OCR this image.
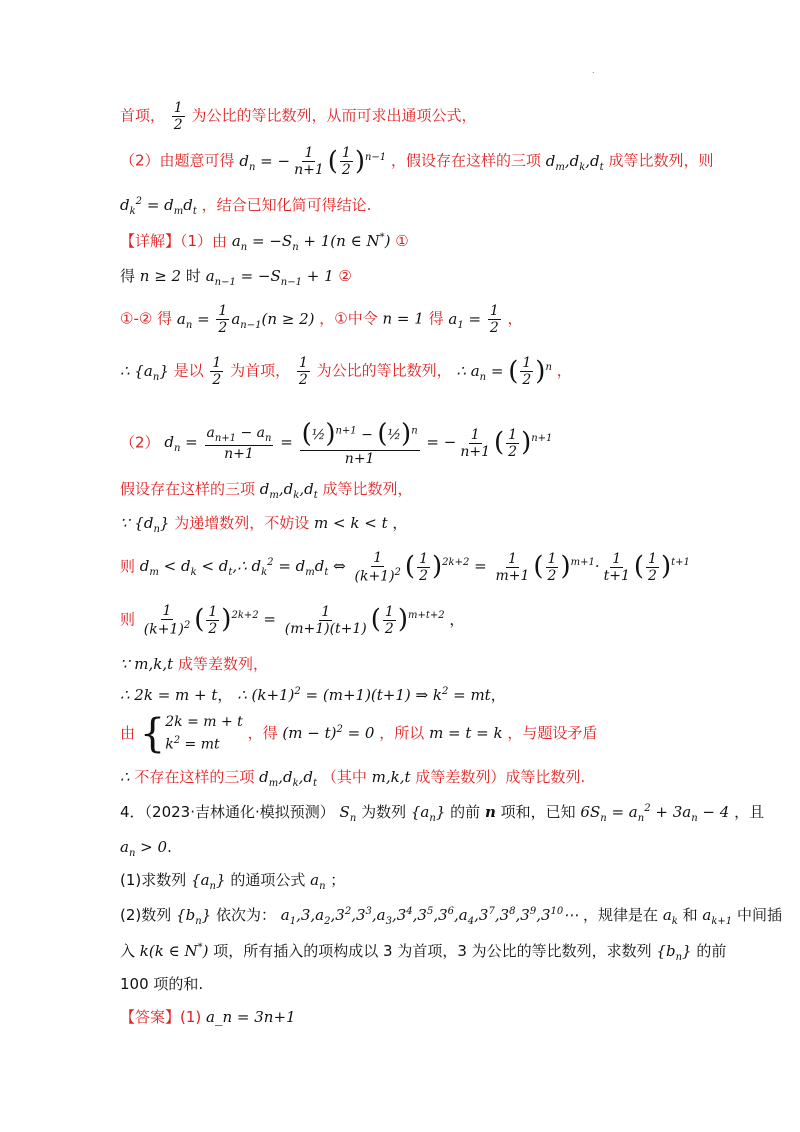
.
首项， $\frac{1}{2}$ 为公比的等比数列，从而可求出通项公式，
（2）由题意可得 $d_n$ = − $\frac{1}{n+1}$ ( $\frac{1}{2} )^{n-1}$ ，假设存在这样的三项 $d_m,d_k,d_t$ 成等比数列，则
$d_k^2 = d_md_t$ ，结合已知化简可得结论.
【详解】（1）由 $a_n = -S_n + 1(n$ ∈ N*) ①
得 n ≥ 2 时 $a_{n-1} = -S_{n-1} + 1$ ②
①-② 得 $a_n = \frac{1}{2} a_{n-1}(n \ge 2)$ ，①中令 n = 1 得 $a_1 = \frac{1}{2}$ ，
∴ $\{a_n\}$ 是以 $\frac{1}{2}$ 为首项， $\frac{1}{2}$ 为公比的等比数列， ∴ $a_n$ = ( $\frac{1}{2} )^n$ ，
（2） $d_n = \frac{a_{n+1} - a_n}{n+1} = \frac{(\frac{1}{2})^{n+1} - (\frac{1}{2})^n}{n+1}$ = − $\frac{1}{n+1}$ ( $\frac{1}{2} )^{n+1}$
假设存在这样的三项 $d_m,d_k,d_t$ 成等比数列，
∵ $\{d_n\}$ 为递增数列，不妨设 m < k < t ，
则 $d_m < d_k$ < $d_t,\therefore$ $d_k^2 = d_md_t$ ⇔ $\frac{1}{(k+1)^2}$ ( $\frac{1}{2} )^{2k+2} = \frac{1}{m+1}$ ( $\frac{1}{2} )^{m+1}\cdot \frac{1}{t+1}$ ( $\frac{1}{2} )^{t+1}$
则 $\frac{1}{(k+1)^2}$ ( $\frac{1}{2} )^{2k+2} = \frac{1}{(m+1)(t+1)}$ ( $\frac{1}{2} )^{m+t+2}$ ，
∵ m,k,t 成等差数列，
∴ 2k = m + t， ∴ $(k+1)^2 = (m+1)(t+1)$ ⇒ $k^2$ = mt，
由 { 2k = m + t
$k^2$ = mt
，得 $(m - t)^2 = 0$ ，所以 m = t = k ，与题设矛盾
∴ 不存在这样的三项 $d_m,d_k,d_t$ （其中 m,k,t 成等差数列）成等比数列.
4．（2023·吉林通化·模拟预测） $S_n$ 为数列 $\{a_n\}$ 的前 n 项和，已知 $6S_n = a_n^2 + 3a_n - 4$ ，且
$a_n > 0$.
(1)求数列 $\{a_n\}$ 的通项公式 $a_n$ ；
(2)数列 $\{b_n\}$ 依次为： $a_1,3,a_2,3^2,3^3,a_3,3^4,3^5,3^6,a_4,3^7,3^8,3^9,3^{10}\cdots$ ，规律是在 $a_k$ 和 $a_{k+1}$ 中间插
入 k(k ∈ N*) 项，所有插入的项构成以 3 为首项，3 为公比的等比数列，求数列 $\{b_n\}$ 的前
100 项的和.
【答案】(1) a_n = 3n+1
